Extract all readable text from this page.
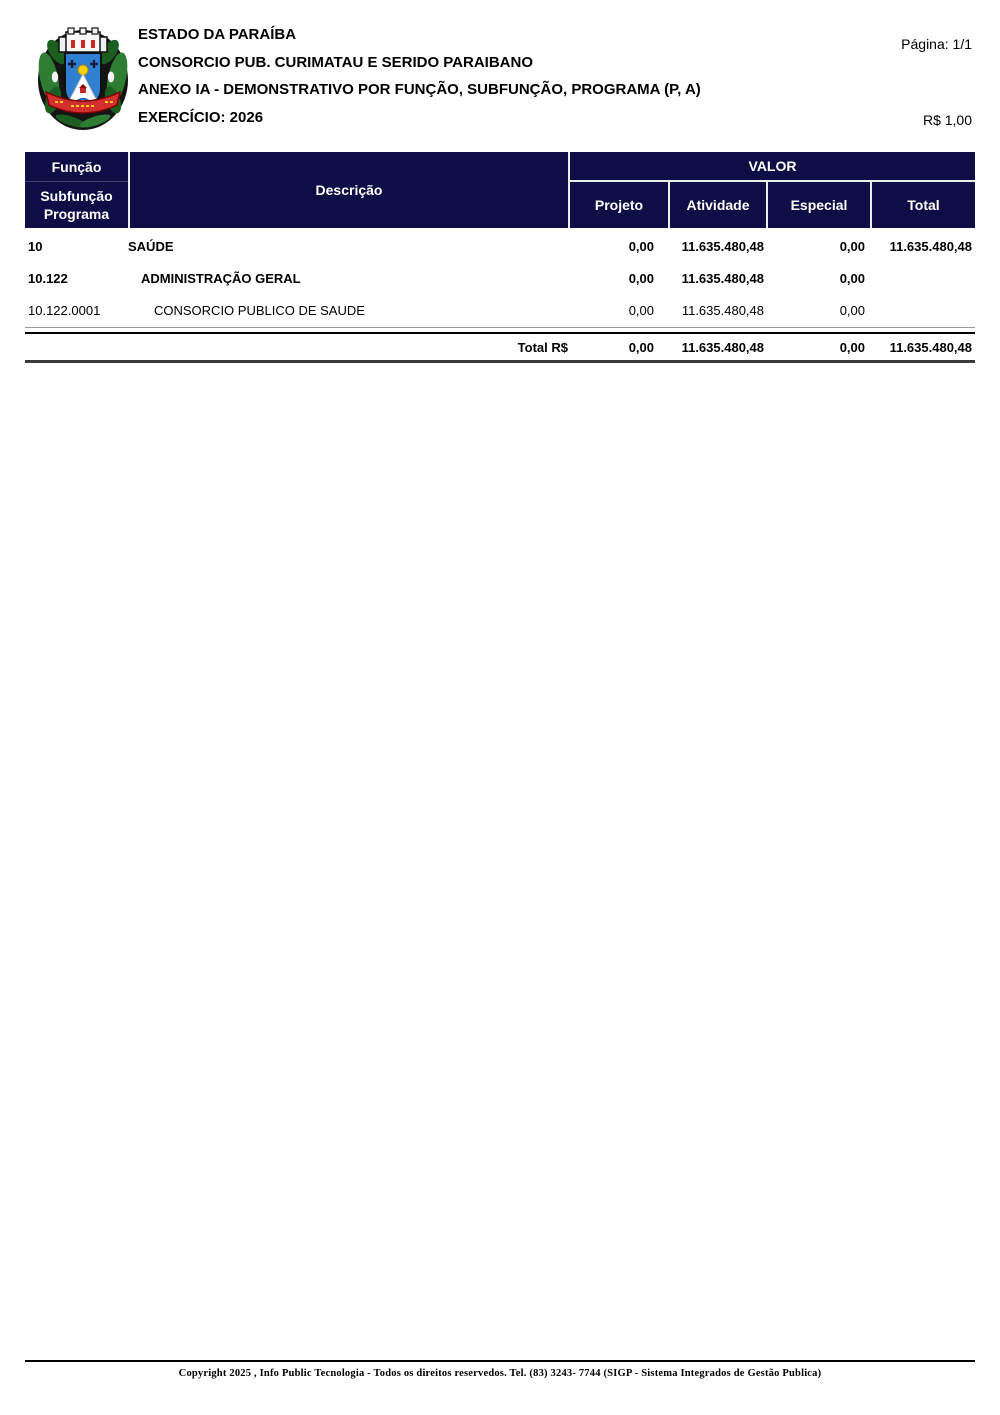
ESTADO DA PARAÍBA
CONSORCIO PUB. CURIMATAU E SERIDO PARAIBANO
ANEXO IA - DEMONSTRATIVO POR FUNÇÃO, SUBFUNÇÃO, PROGRAMA (P, A)
EXERCÍCIO: 2026
Página: 1/1
R$ 1,00
Função
Subfunção
Programa
Descrição
VALOR
Projeto	Atividade	Especial	Total
10	SAÚDE	0,00	11.635.480,48	0,00	11.635.480,48
10.122	ADMINISTRAÇÃO GERAL	0,00	11.635.480,48	0,00
10.122.0001	CONSORCIO PUBLICO DE SAUDE	0,00	11.635.480,48	0,00
Total R$	0,00	11.635.480,48	0,00	11.635.480,48
Copyright 2025 , Info Public Tecnologia - Todos os direitos reservedos. Tel. (83) 3243- 7744 (SIGP - Sistema Integrados de Gestão Publica)
